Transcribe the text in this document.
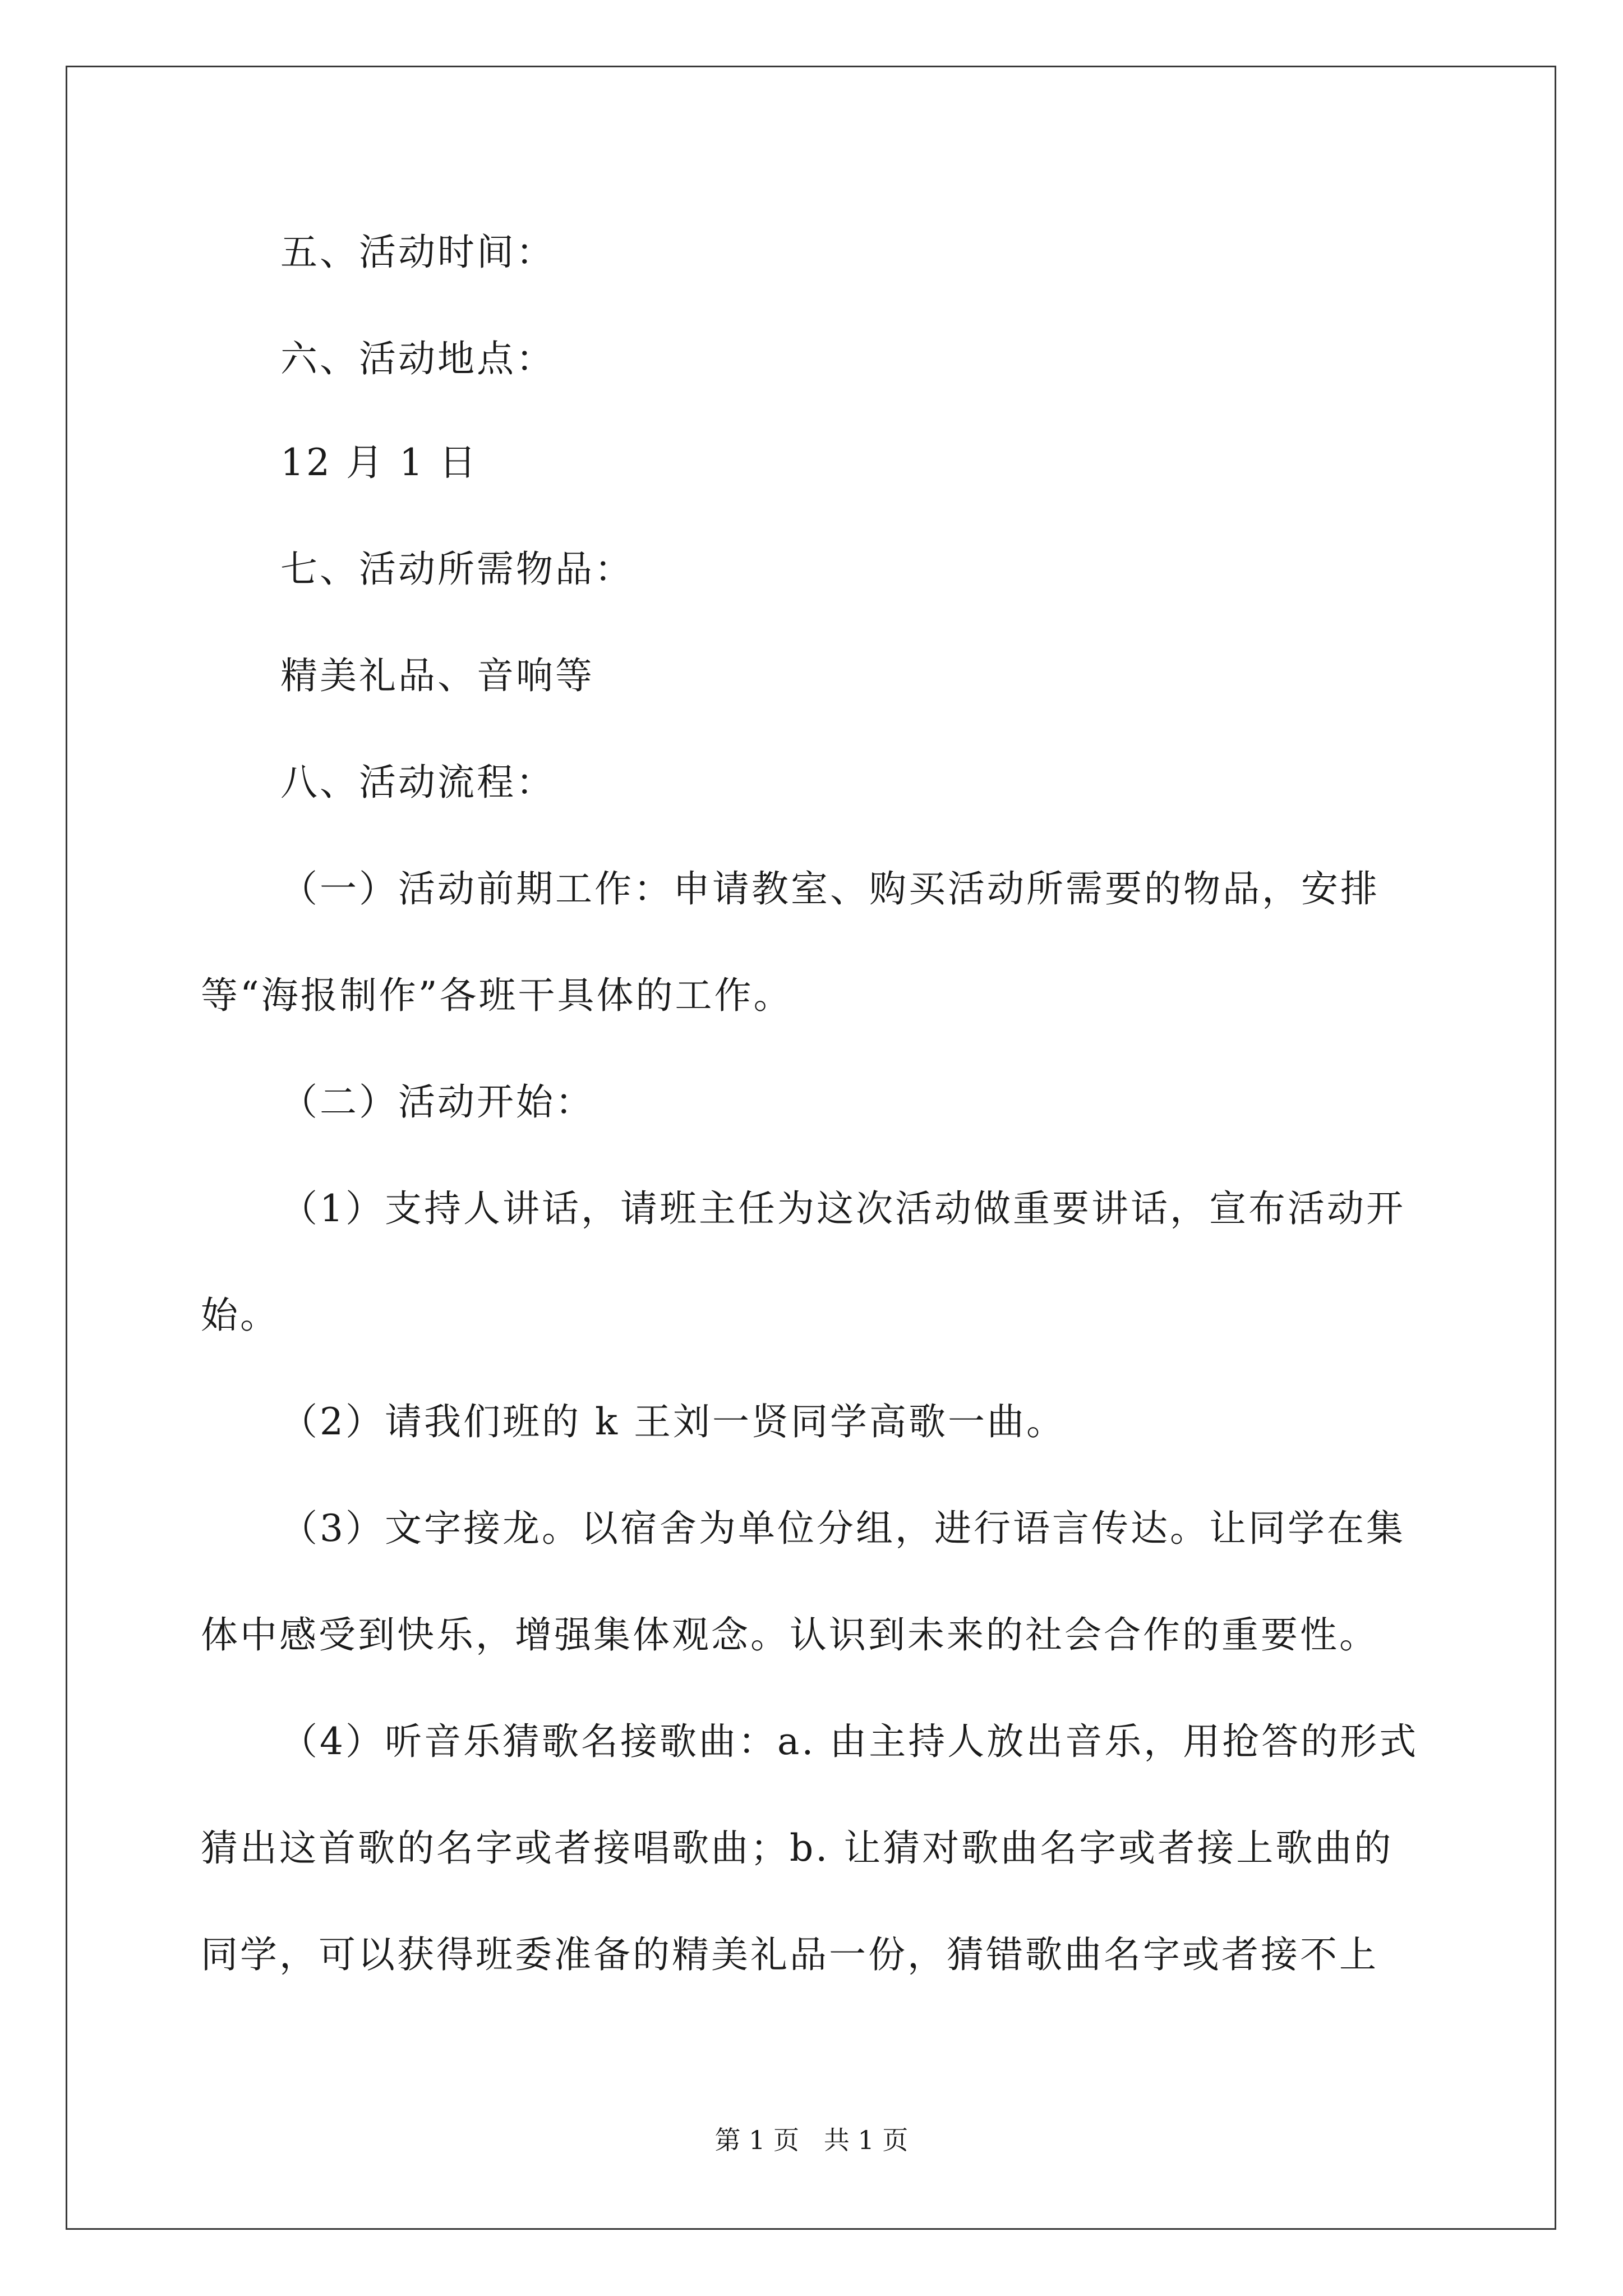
五、活动时间：
六、活动地点：
12 月 1 日
七、活动所需物品：
精美礼品、音响等
八、活动流程：
（一）活动前期工作：申请教室、购买活动所需要的物品，安排
等“海报制作”各班干具体的工作。
（二）活动开始：
（1）支持人讲话，请班主任为这次活动做重要讲话，宣布活动开
始。
（2）请我们班的 k 王刘一贤同学高歌一曲。
（3）文字接龙。以宿舍为单位分组，进行语言传达。让同学在集
体中感受到快乐，增强集体观念。认识到未来的社会合作的重要性。
（4）听音乐猜歌名接歌曲：a. 由主持人放出音乐，用抢答的形式
猜出这首歌的名字或者接唱歌曲；b. 让猜对歌曲名字或者接上歌曲的
同学，可以获得班委准备的精美礼品一份，猜错歌曲名字或者接不上
第 1 页   共 1 页
